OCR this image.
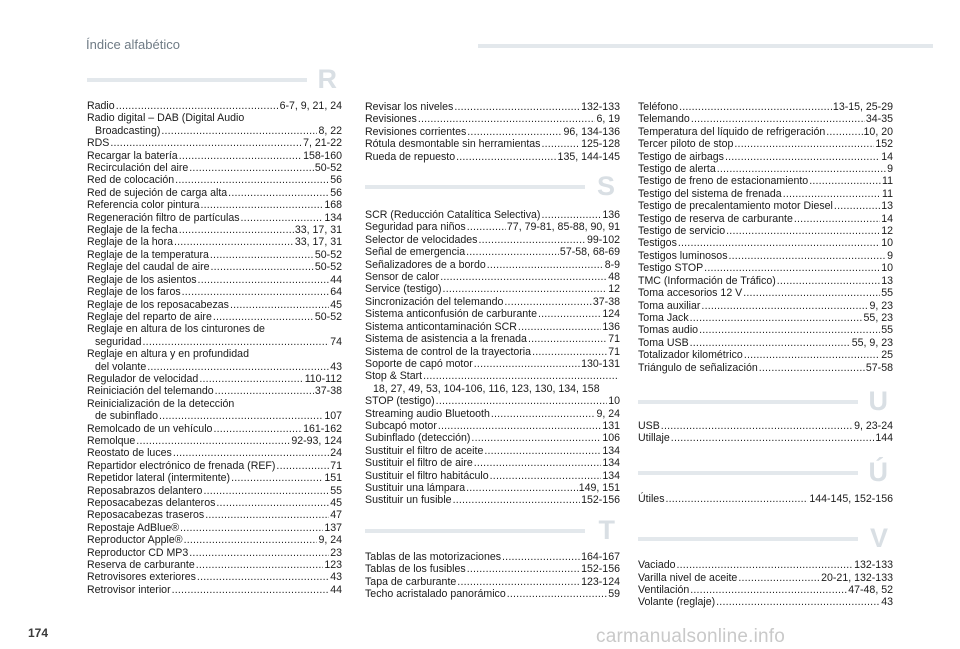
Índice alfabético
R
Radio .....	6-7, 9, 21, 24
Radio digital – DAB (Digital Audio
Broadcasting) .....	8, 22
RDS .....	7, 21-22
Recargar la batería .....	158-160
Recirculación del aire .....	50-52
Red de colocación .....	56
Red de sujeción de carga alta .....	56
Referencia color pintura .....	168
Regeneración filtro de partículas .....	134
Reglaje de la fecha .....	33, 17, 31
Reglaje de la hora .....	33, 17, 31
Reglaje de la temperatura .....	50-52
Reglaje del caudal de aire .....	50-52
Reglaje de los asientos .....	44
Reglaje de los faros .....	64
Reglaje de los reposacabezas .....	45
Reglaje del reparto de aire .....	50-52
Reglaje en altura de los cinturones de
seguridad .....	74
Reglaje en altura y en profundidad
del volante .....	43
Regulador de velocidad .....	110-112
Reiniciación del telemando .....	37-38
Reinicialización de la detección
de subinflado .....	107
Remolcado de un vehículo .....	161-162
Remolque .....	92-93, 124
Reostato de luces .....	24
Repartidor electrónico de frenada (REF) .....	71
Repetidor lateral (intermitente) .....	151
Reposabrazos delantero .....	55
Reposacabezas delanteros .....	45
Reposacabezas traseros .....	47
Repostaje AdBlue® .....	137
Reproductor Apple® .....	9, 24
Reproductor CD MP3 .....	23
Reserva de carburante .....	123
Retrovisores exteriores .....	43
Retrovisor interior .....	44
Revisar los niveles .....	132-133
Revisiones .....	6, 19
Revisiones corrientes .....	96, 134-136
Rótula desmontable sin herramientas .....	125-128
Rueda de repuesto .....	135, 144-145
S
SCR (Reducción Catalítica Selectiva) .....	136
Seguridad para niños .....	77, 79-81, 85-88, 90, 91
Selector de velocidades .....	99-102
Señal de emergencia .....	57-58, 68-69
Señalizadores de a bordo .....	8-9
Sensor de calor .....	48
Service (testigo) .....	12
Sincronización del telemando .....	37-38
Sistema anticonfusión de carburante .....	124
Sistema anticontaminación SCR .....	136
Sistema de asistencia a la frenada .....	71
Sistema de control de la trayectoria .....	71
Soporte de capó motor .....	130-131
Stop & Start
.....
18, 27, 49, 53, 104-106, 116, 123, 130, 134, 158
STOP (testigo) .....	10
Streaming audio Bluetooth .....	9, 24
Subcapó motor .....	131
Subinflado (detección) .....	106
Sustituir el filtro de aceite .....	134
Sustituir el filtro de aire .....	134
Sustituir el filtro habitáculo .....	134
Sustituir una lámpara .....	149, 151
Sustituir un fusible .....	152-156
T
Tablas de las motorizaciones .....	164-167
Tablas de los fusibles .....	152-156
Tapa de carburante .....	123-124
Techo acristalado panorámico .....	59
Teléfono .....	13-15, 25-29
Telemando .....	34-35
Temperatura del líquido de refrigeración .....	10, 20
Tercer piloto de stop .....	152
Testigo de airbags .....	14
Testigo de alerta .....	9
Testigo de freno de estacionamiento .....	11
Testigo del sistema de frenada .....	11
Testigo de precalentamiento motor Diesel .....	13
Testigo de reserva de carburante .....	14
Testigo de servicio .....	12
Testigos .....	10
Testigos luminosos .....	9
Testigo STOP .....	10
TMC (Información de Tráfico) .....	13
Toma accesorios 12 V .....	55
Toma auxiliar .....	9, 23
Toma Jack .....	55, 23
Tomas audio .....	55
Toma USB .....	55, 9, 23
Totalizador kilométrico .....	25
Triángulo de señalización .....	57-58
U
USB .....	9, 23-24
Utillaje .....	144
Ú
Útiles .....	144-145, 152-156
V
Vaciado .....	132-133
Varilla nivel de aceite .....	20-21, 132-133
Ventilación .....	47-48, 52
Volante (reglaje) .....	43
174	carmanualsonline.info
